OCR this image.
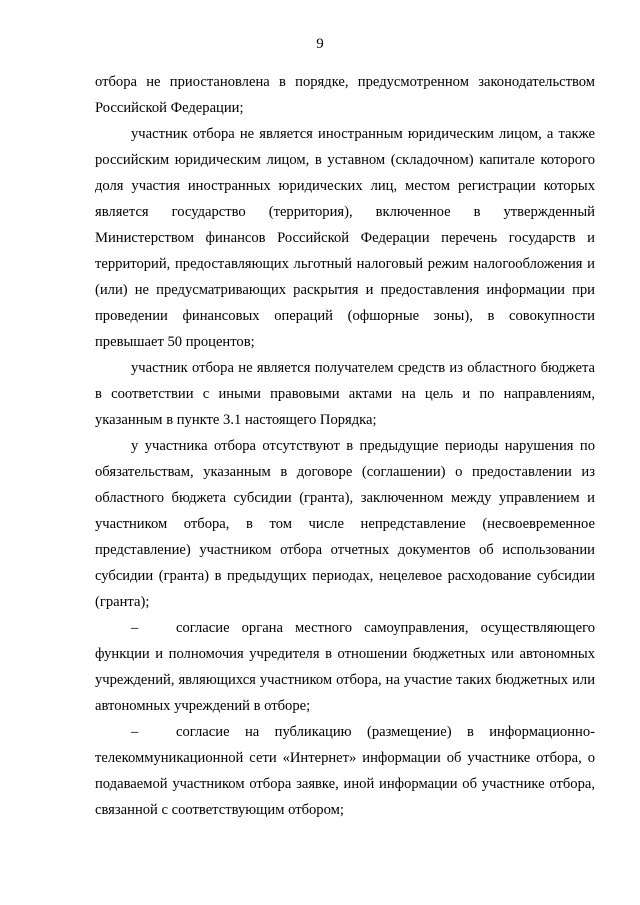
9

отбора не приостановлена в порядке, предусмотренном законодательством Российской Федерации;

участник отбора не является иностранным юридическим лицом, а также российским юридическим лицом, в уставном (складочном) капитале которого доля участия иностранных юридических лиц, местом регистрации которых является государство (территория), включенное в утвержденный Министерством финансов Российской Федерации перечень государств и территорий, предоставляющих льготный налоговый режим налогообложения и (или) не предусматривающих раскрытия и предоставления информации при проведении финансовых операций (офшорные зоны), в совокупности превышает 50 процентов;

участник отбора не является получателем средств из областного бюджета в соответствии с иными правовыми актами на цель и по направлениям, указанным в пункте 3.1 настоящего Порядка;

у участника отбора отсутствуют в предыдущие периоды нарушения по обязательствам, указанным в договоре (соглашении) о предоставлении из областного бюджета субсидии (гранта), заключенном между управлением и участником отбора, в том числе непредставление (несвоевременное представление) участником отбора отчетных документов об использовании субсидии (гранта) в предыдущих периодах, нецелевое расходование субсидии (гранта);

–	согласие органа местного самоуправления, осуществляющего функции и полномочия учредителя в отношении бюджетных или автономных учреждений, являющихся участником отбора, на участие таких бюджетных или автономных учреждений в отборе;

–	согласие на публикацию (размещение) в информационно-телекоммуникационной сети «Интернет» информации об участнике отбора, о подаваемой участником отбора заявке, иной информации об участнике отбора, связанной с соответствующим отбором;
